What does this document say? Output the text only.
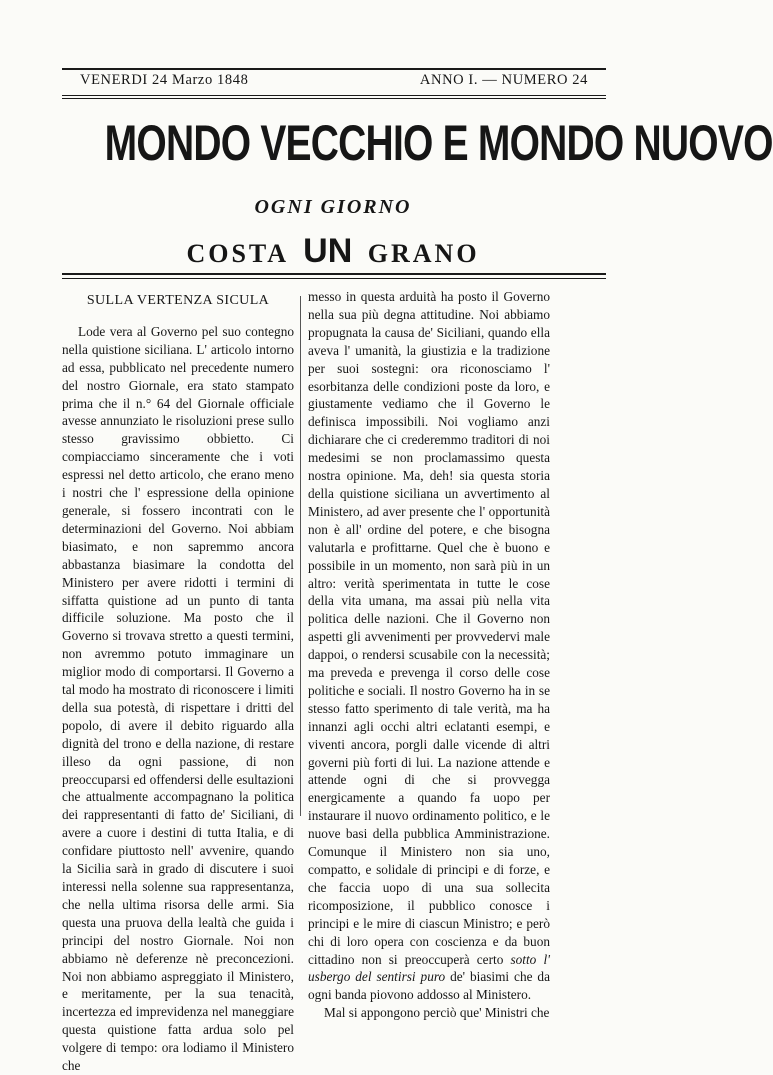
VENERDI 24 Marzo 1848	ANNO I. — NUMERO 24
MONDO VECCHIO E MONDO NUOVO
OGNI GIORNO
COSTA UN GRANO
SULLA VERTENZA SICULA

Lode vera al Governo pel suo contegno nella quistione siciliana. L' articolo intorno ad essa, pubblicato nel precedente numero del nostro Giornale, era stato stampato prima che il n.° 64 del Giornale officiale avesse annunziato le risoluzioni prese sullo stesso gravissimo obbietto. Ci compiacciamo sinceramente che i voti espressi nel detto articolo, che erano meno i nostri che l' espressione della opinione generale, si fossero incontrati con le determinazioni del Governo. Noi abbiam biasimato, e non sapremmo ancora abbastanza biasimare la condotta del Ministero per avere ridotti i termini di siffatta quistione ad un punto di tanta difficile soluzione. Ma posto che il Governo si trovava stretto a questi termini, non avremmo potuto immaginare un miglior modo di comportarsi. Il Governo a tal modo ha mostrato di riconoscere i limiti della sua potestà, di rispettare i dritti del popolo, di avere il debito riguardo alla dignità del trono e della nazione, di restare illeso da ogni passione, di non preoccuparsi ed offendersi delle esultazioni che attualmente accompagnano la politica dei rappresentanti di fatto de' Siciliani, di avere a cuore i destini di tutta Italia, e di confidare piuttosto nell' avvenire, quando la Sicilia sarà in grado di discutere i suoi interessi nella solenne sua rappresentanza, che nella ultima risorsa delle armi. Sia questa una pruova della lealtà che guida i principi del nostro Giornale. Noi non abbiamo nè deferenze nè preconcezioni. Noi non abbiamo aspreggiato il Ministero, e meritamente, per la sua tenacità, incertezza ed imprevidenza nel maneggiare questa quistione fatta ardua solo pel volgere di tempo: ora lodiamo il Ministero che

messo in questa arduità ha posto il Governo nella sua più degna attitudine. Noi abbiamo propugnata la causa de' Siciliani, quando ella aveva l' umanità, la giustizia e la tradizione per suoi sostegni: ora riconosciamo l' esorbitanza delle condizioni poste da loro, e giustamente vediamo che il Governo le definisca impossibili. Noi vogliamo anzi dichiarare che ci crederemmo traditori di noi medesimi se non proclamassimo questa nostra opinione. Ma, deh! sia questa storia della quistione siciliana un avvertimento al Ministero, ad aver presente che l' opportunità non è all' ordine del potere, e che bisogna valutarla e profittarne. Quel che è buono e possibile in un momento, non sarà più in un altro: verità sperimentata in tutte le cose della vita umana, ma assai più nella vita politica delle nazioni. Che il Governo non aspetti gli avvenimenti per provvedervi male dappoi, o rendersi scusabile con la necessità; ma preveda e prevenga il corso delle cose politiche e sociali. Il nostro Governo ha in se stesso fatto sperimento di tale verità, ma ha innanzi agli occhi altri eclatanti esempi, e viventi ancora, porgli dalle vicende di altri governi più forti di lui. La nazione attende e attende ogni di che si provvegga energicamente a quando fa uopo per instaurare il nuovo ordinamento politico, e le nuove basi della pubblica Amministrazione. Comunque il Ministero non sia uno, compatto, e solidale di principi e di forze, e che faccia uopo di una sua sollecita ricomposizione, il pubblico conosce i principi e le mire di ciascun Ministro; e però chi di loro opera con coscienza e da buon cittadino non si preoccuperà certo sotto l' usbergo del sentirsi puro de' biasimi che da ogni banda piovono addosso al Ministero.

Mal si appongono perciò que' Ministri che
